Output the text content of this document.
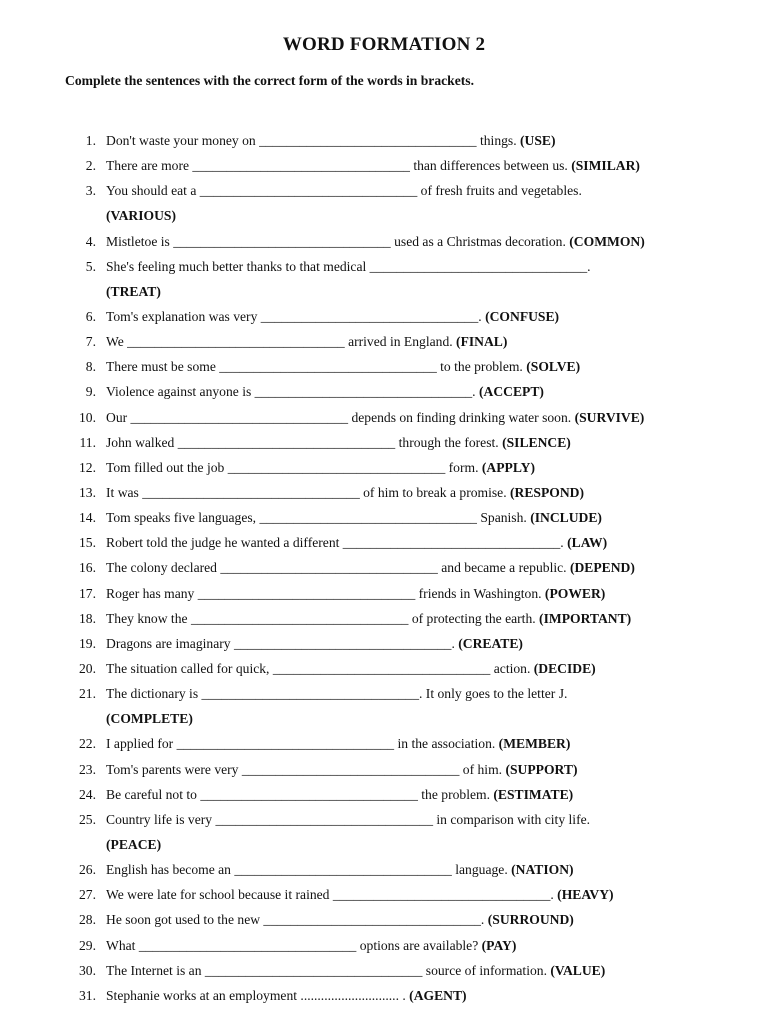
WORD FORMATION 2
Complete the sentences with the correct form of the words in brackets.
1. Don't waste your money on ________________________________ things. (USE)
2. There are more ________________________________ than differences between us. (SIMILAR)
3. You should eat a ________________________________ of fresh fruits and vegetables.
(VARIOUS)
4. Mistletoe is ________________________________ used as a Christmas decoration. (COMMON)
5. She's feeling much better thanks to that medical ________________________________.
(TREAT)
6. Tom's explanation was very ________________________________. (CONFUSE)
7. We ________________________________ arrived in England. (FINAL)
8. There must be some ________________________________ to the problem. (SOLVE)
9. Violence against anyone is ________________________________. (ACCEPT)
10. Our ________________________________ depends on finding drinking water soon. (SURVIVE)
11. John walked ________________________________ through the forest. (SILENCE)
12. Tom filled out the job ________________________________ form. (APPLY)
13. It was ________________________________ of him to break a promise. (RESPOND)
14. Tom speaks five languages, ________________________________ Spanish. (INCLUDE)
15. Robert told the judge he wanted a different ________________________________. (LAW)
16. The colony declared ________________________________ and became a republic. (DEPEND)
17. Roger has many ________________________________ friends in Washington. (POWER)
18. They know the ________________________________ of protecting the earth. (IMPORTANT)
19. Dragons are imaginary ________________________________. (CREATE)
20. The situation called for quick, ________________________________ action. (DECIDE)
21. The dictionary is ________________________________. It only goes to the letter J.
(COMPLETE)
22. I applied for ________________________________ in the association. (MEMBER)
23. Tom's parents were very ________________________________ of him. (SUPPORT)
24. Be careful not to ________________________________ the problem. (ESTIMATE)
25. Country life is very ________________________________ in comparison with city life.
(PEACE)
26. English has become an ________________________________ language. (NATION)
27. We were late for school because it rained ________________________________. (HEAVY)
28. He soon got used to the new ________________________________. (SURROUND)
29. What ________________________________ options are available? (PAY)
30. The Internet is an ________________________________ source of information. (VALUE)
31. Stephanie works at an employment ............................. . (AGENT)
